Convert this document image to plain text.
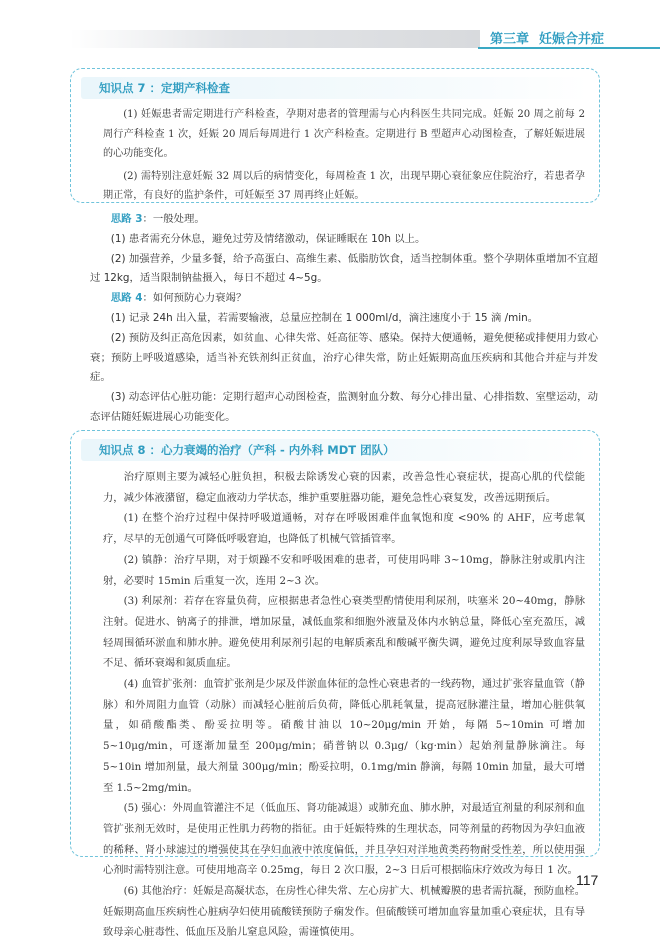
第三章 妊娠合并症
知识点 7 ：定期产科检查

(1) 妊娠患者需定期进行产科检查，孕期对患者的管理需与心内科医生共同完成。妊娠 20 周之前每 2 周行产科检查 1 次，妊娠 20 周后每周进行 1 次产科检查。定期进行 B 型超声心动图检查，了解妊娠进展的心功能变化。

(2) 需特别注意妊娠 32 周以后的病情变化，每周检查 1 次，出现早期心衰征象应住院治疗，若患者孕期正常，有良好的监护条件，可妊娠至 37 周再终止妊娠。

思路 3：一般处理。

(1) 患者需充分休息，避免过劳及情绪激动，保证睡眠在 10h 以上。

(2) 加强营养，少量多餐，给予高蛋白、高维生素、低脂肪饮食，适当控制体重。整个孕期体重增加不宜超过 12kg，适当限制钠盐摄入，每日不超过 4~5g。

思路 4：如何预防心力衰竭？

(1) 记录 24h 出入量，若需要输液，总量应控制在 1 000ml/d，滴注速度小于 15 滴 /min。

(2) 预防及纠正高危因素，如贫血、心律失常、妊高征等、感染。保持大便通畅，避免便秘或排便用力致心衰；预防上呼吸道感染，适当补充铁剂纠正贫血，治疗心律失常，防止妊娠期高血压疾病和其他合并症与并发症。

(3) 动态评估心脏功能：定期行超声心动图检查，监测射血分数、每分心排出量、心排指数、室壁运动，动态评估随妊娠进展心功能变化。

知识点 8 ：心力衰竭的治疗（产科 - 内外科 MDT 团队）

治疗原则主要为减轻心脏负担，积极去除诱发心衰的因素，改善急性心衰症状，提高心肌的代偿能力，减少体液潴留，稳定血液动力学状态，维护重要脏器功能，避免急性心衰复发，改善远期预后。

(1) 在整个治疗过程中保持呼吸道通畅，对存在呼吸困难伴血氧饱和度 <90% 的 AHF，应考虑氧疗，尽早的无创通气可降低呼吸窘迫，也降低了机械气管插管率。

(2) 镇静：治疗早期，对于烦躁不安和呼吸困难的患者，可使用吗啡 3~10mg，静脉注射或肌内注射，必要时 15min 后重复一次，连用 2~3 次。

(3) 利尿剂：若存在容量负荷，应根据患者急性心衰类型酌情使用利尿剂，呋塞米 20~40mg，静脉注射。促进水、钠离子的排泄，增加尿量，减低血浆和细胞外液量及体内水钠总量，降低心室充盈压，减轻周围循环淤血和肺水肿。避免使用利尿剂引起的电解质紊乱和酸碱平衡失调，避免过度利尿导致血容量不足、循环衰竭和氮质血症。

(4) 血管扩张剂：血管扩张剂是少尿及伴淤血体征的急性心衰患者的一线药物，通过扩张容量血管（静脉）和外周阻力血管（动脉）而减轻心脏前后负荷，降低心肌耗氧量，提高冠脉灌注量，增加心脏供氧量，如硝酸酯类、酚妥拉明等。硝酸甘油以 10~20μg/min 开始，每隔 5~10min 可增加 5~10μg/min，可逐渐加量至 200μg/min；硝普钠以 0.3μg/（kg·min）起始剂量静脉滴注。每 5~10in 增加剂量，最大剂量 300μg/min；酚妥拉明，0.1mg/min 静滴，每隔 10min 加量，最大可增至 1.5~2mg/min。

(5) 强心：外周血管灌注不足（低血压、肾功能减退）或肺充血、肺水肿，对最适宜剂量的利尿剂和血管扩张剂无效时，是使用正性肌力药物的指征。由于妊娠特殊的生理状态，同等剂量的药物因为孕妇血液的稀释、肾小球滤过的增强使其在孕妇血液中浓度偏低，并且孕妇对洋地黄类药物耐受性差，所以使用强心剂时需特别注意。可使用地高辛 0.25mg，每日 2 次口服，2~3 日后可根据临床疗效改为每日 1 次。

(6) 其他治疗：妊娠是高凝状态，在房性心律失常、左心房扩大、机械瓣膜的患者需抗凝，预防血栓。妊娠期高血压疾病性心脏病孕妇使用硫酸镁预防子痫发作。但硫酸镁可增加血容量加重心衰症状，且有导致母亲心脏毒性、低血压及胎儿窒息风险，需谨慎使用。

117
